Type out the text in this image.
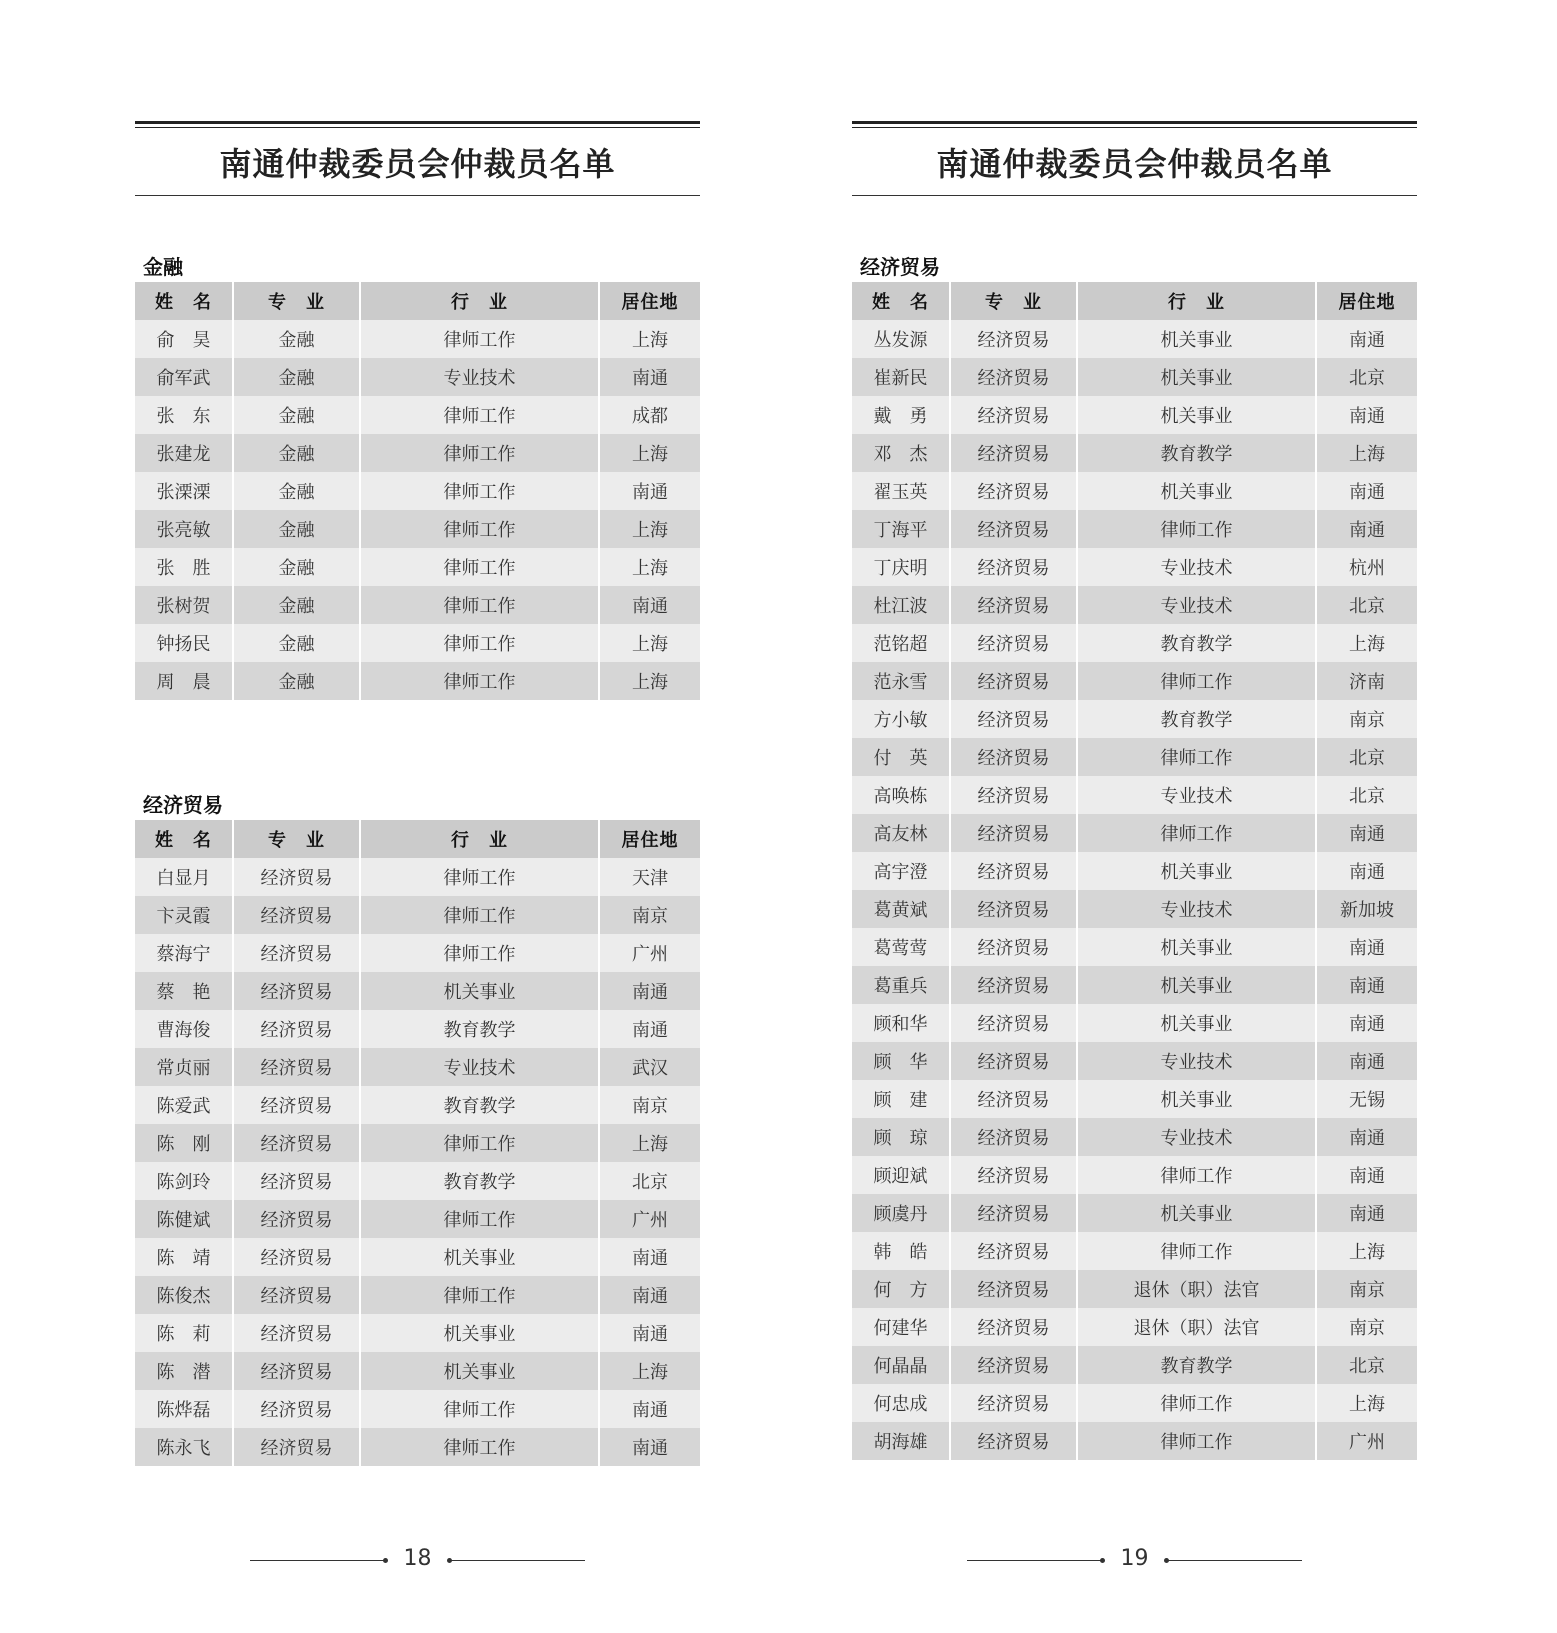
南通仲裁委员会仲裁员名单
金融
姓　名	专　业	行　业	居住地
俞　昊	金融	律师工作	上海
俞军武	金融	专业技术	南通
张　东	金融	律师工作	成都
张建龙	金融	律师工作	上海
张溧溧	金融	律师工作	南通
张亮敏	金融	律师工作	上海
张　胜	金融	律师工作	上海
张树贺	金融	律师工作	南通
钟扬民	金融	律师工作	上海
周　晨	金融	律师工作	上海
经济贸易
姓　名	专　业	行　业	居住地
白显月	经济贸易	律师工作	天津
卞灵霞	经济贸易	律师工作	南京
蔡海宁	经济贸易	律师工作	广州
蔡　艳	经济贸易	机关事业	南通
曹海俊	经济贸易	教育教学	南通
常贞丽	经济贸易	专业技术	武汉
陈爱武	经济贸易	教育教学	南京
陈　刚	经济贸易	律师工作	上海
陈剑玲	经济贸易	教育教学	北京
陈健斌	经济贸易	律师工作	广州
陈　靖	经济贸易	机关事业	南通
陈俊杰	经济贸易	律师工作	南通
陈　莉	经济贸易	机关事业	南通
陈　潜	经济贸易	机关事业	上海
陈烨磊	经济贸易	律师工作	南通
陈永飞	经济贸易	律师工作	南通
18
南通仲裁委员会仲裁员名单
经济贸易
姓　名	专　业	行　业	居住地
丛发源	经济贸易	机关事业	南通
崔新民	经济贸易	机关事业	北京
戴　勇	经济贸易	机关事业	南通
邓　杰	经济贸易	教育教学	上海
翟玉英	经济贸易	机关事业	南通
丁海平	经济贸易	律师工作	南通
丁庆明	经济贸易	专业技术	杭州
杜江波	经济贸易	专业技术	北京
范铭超	经济贸易	教育教学	上海
范永雪	经济贸易	律师工作	济南
方小敏	经济贸易	教育教学	南京
付　英	经济贸易	律师工作	北京
高唤栋	经济贸易	专业技术	北京
高友林	经济贸易	律师工作	南通
高宇澄	经济贸易	机关事业	南通
葛黄斌	经济贸易	专业技术	新加坡
葛莺莺	经济贸易	机关事业	南通
葛重兵	经济贸易	机关事业	南通
顾和华	经济贸易	机关事业	南通
顾　华	经济贸易	专业技术	南通
顾　建	经济贸易	机关事业	无锡
顾　琼	经济贸易	专业技术	南通
顾迎斌	经济贸易	律师工作	南通
顾虞丹	经济贸易	机关事业	南通
韩　皓	经济贸易	律师工作	上海
何　方	经济贸易	退休（职）法官	南京
何建华	经济贸易	退休（职）法官	南京
何晶晶	经济贸易	教育教学	北京
何忠成	经济贸易	律师工作	上海
胡海雄	经济贸易	律师工作	广州
19
